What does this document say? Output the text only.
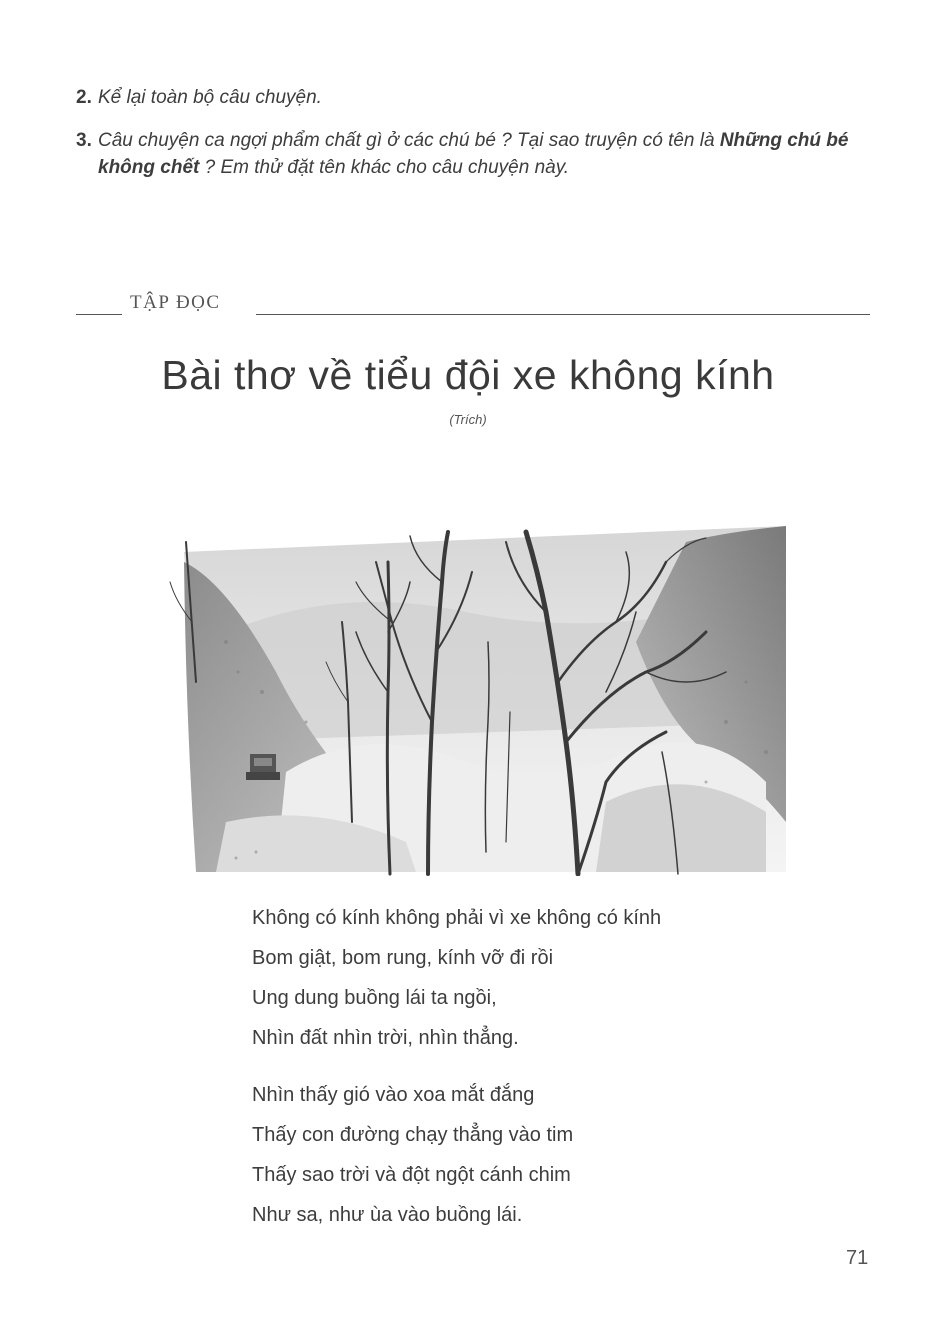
2. Kể lại toàn bộ câu chuyện.
3. Câu chuyện ca ngợi phẩm chất gì ở các chú bé ? Tại sao truyện có tên là Những chú bé không chết ? Em thử đặt tên khác cho câu chuyện này.
TẬP ĐỌC
Bài thơ về tiểu đội xe không kính
(Trích)
Không có kính không phải vì xe không có kính
Bom giật, bom rung, kính vỡ đi rồi
Ung dung buồng lái ta ngồi,
Nhìn đất nhìn trời, nhìn thẳng.
Nhìn thấy gió vào xoa mắt đắng
Thấy con đường chạy thẳng vào tim
Thấy sao trời và đột ngột cánh chim
Như sa, như ùa vào buồng lái.
71
